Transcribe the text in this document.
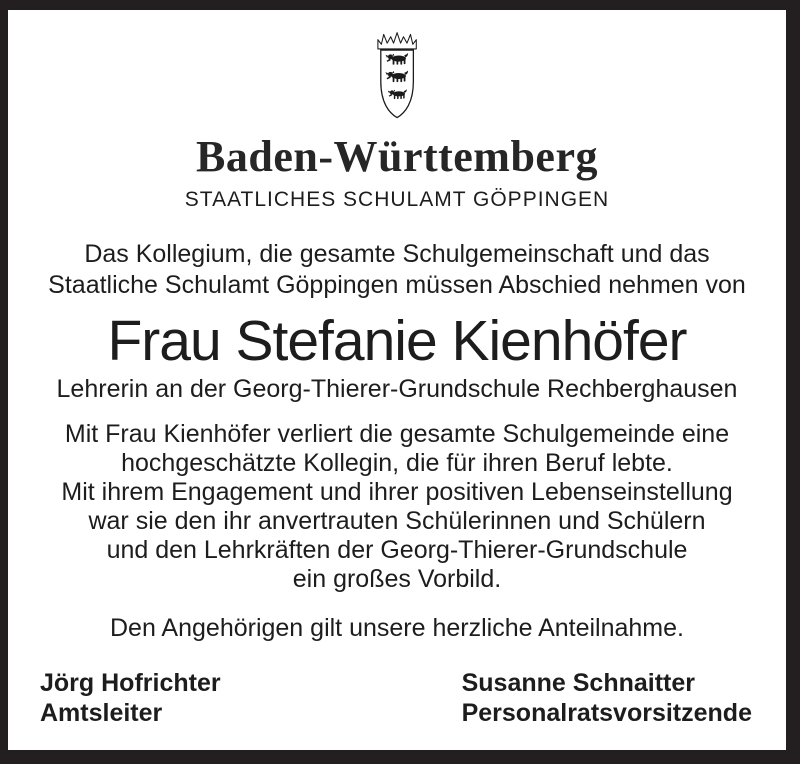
Baden-Württemberg
STAATLICHES SCHULAMT GÖPPINGEN
Das Kollegium, die gesamte Schulgemeinschaft und das
Staatliche Schulamt Göppingen müssen Abschied nehmen von
Frau Stefanie Kienhöfer
Lehrerin an der Georg-Thierer-Grundschule Rechberghausen
Mit Frau Kienhöfer verliert die gesamte Schulgemeinde eine
hochgeschätzte Kollegin, die für ihren Beruf lebte.
Mit ihrem Engagement und ihrer positiven Lebenseinstellung
war sie den ihr anvertrauten Schülerinnen und Schülern
und den Lehrkräften der Georg-Thierer-Grundschule
ein großes Vorbild.
Den Angehörigen gilt unsere herzliche Anteilnahme.
Jörg Hofrichter
Amtsleiter
Susanne Schnaitter
Personalratsvorsitzende
